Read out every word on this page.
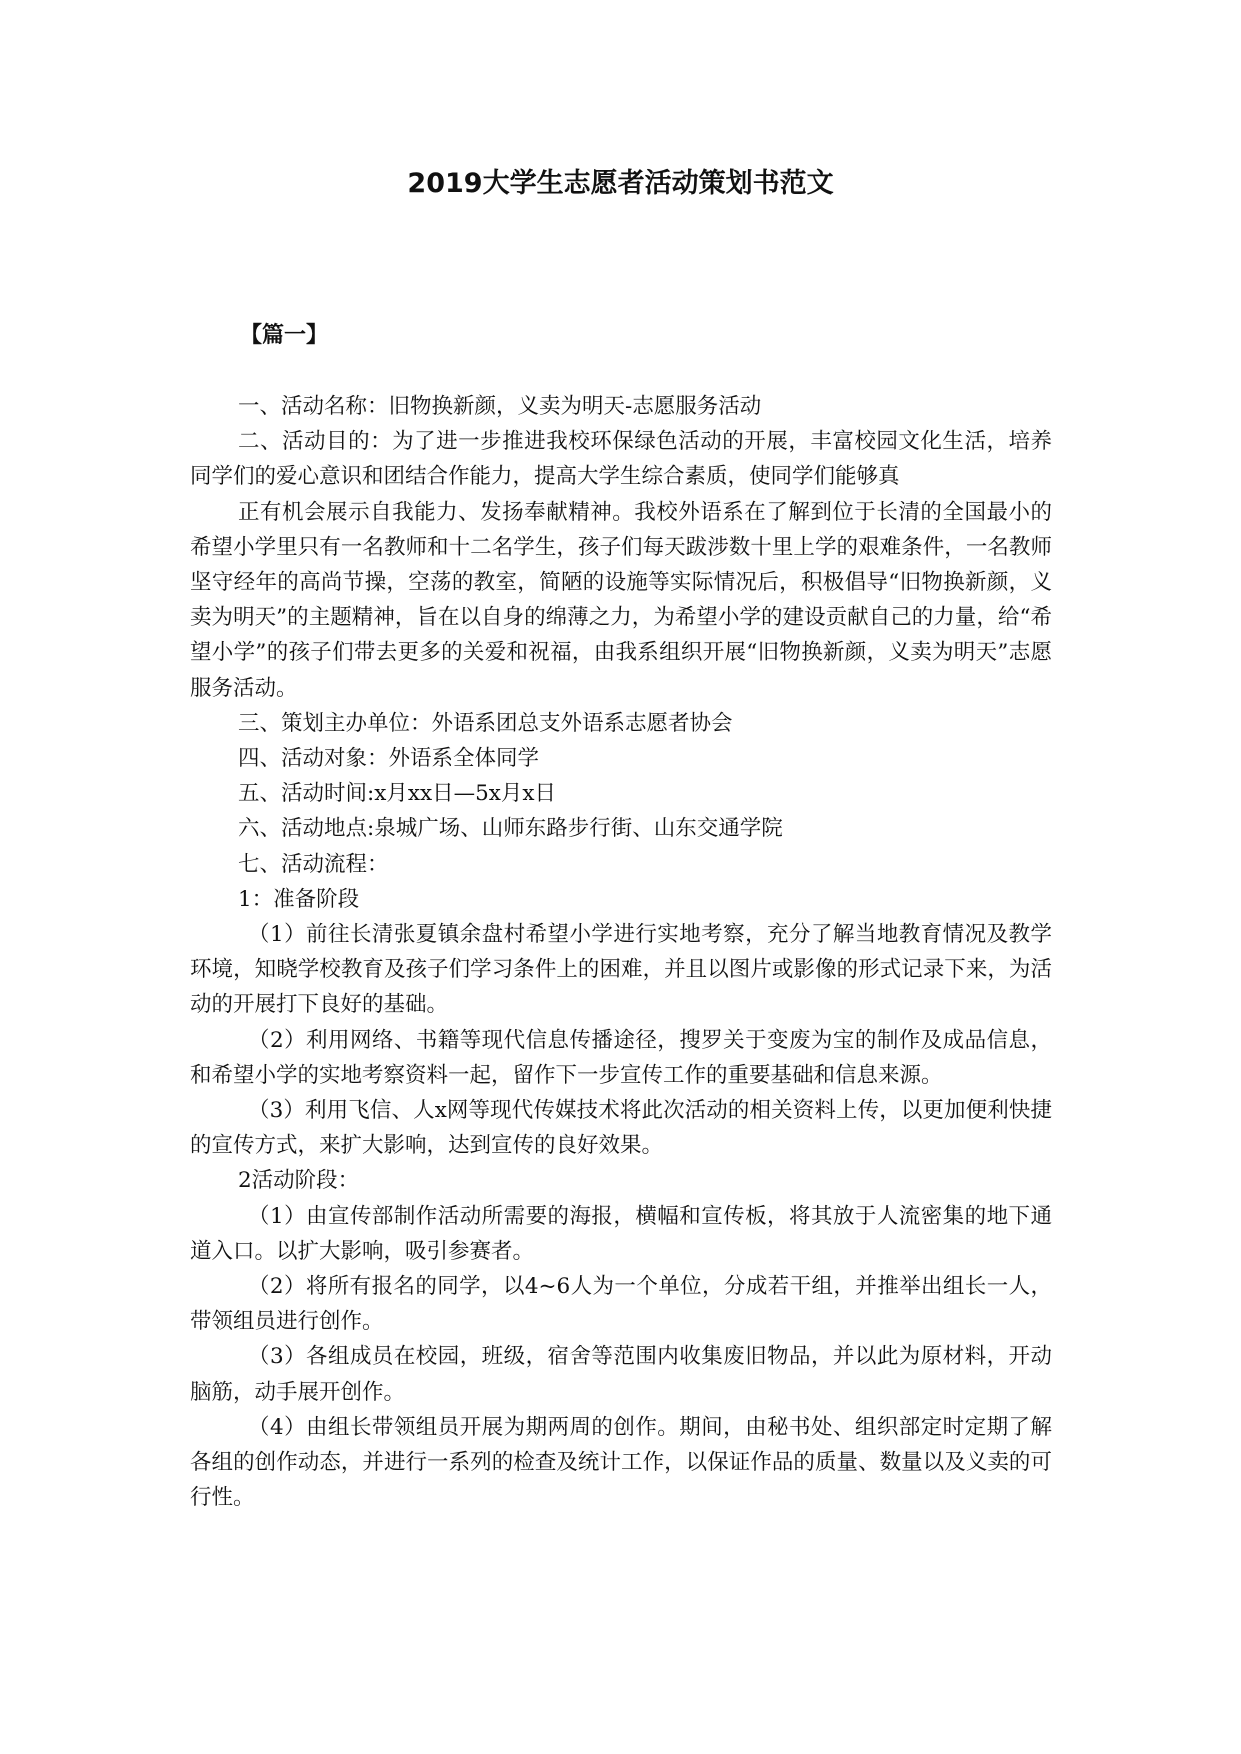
2019大学生志愿者活动策划书范文

【篇一】

一、活动名称：旧物换新颜，义卖为明天-志愿服务活动

二、活动目的：为了进一步推进我校环保绿色活动的开展，丰富校园文化生活，培养同学们的爱心意识和团结合作能力，提高大学生综合素质，使同学们能够真

正有机会展示自我能力、发扬奉献精神。我校外语系在了解到位于长清的全国最小的希望小学里只有一名教师和十二名学生，孩子们每天跋涉数十里上学的艰难条件，一名教师坚守经年的高尚节操，空荡的教室，简陋的设施等实际情况后，积极倡导“旧物换新颜，义卖为明天”的主题精神，旨在以自身的绵薄之力，为希望小学的建设贡献自己的力量，给“希望小学”的孩子们带去更多的关爱和祝福，由我系组织开展“旧物换新颜，义卖为明天”志愿服务活动。

三、策划主办单位：外语系团总支外语系志愿者协会

四、活动对象：外语系全体同学

五、活动时间:x月xx日—5x月x日

六、活动地点:泉城广场、山师东路步行街、山东交通学院

七、活动流程：

1：准备阶段

（1）前往长清张夏镇余盘村希望小学进行实地考察，充分了解当地教育情况及教学环境，知晓学校教育及孩子们学习条件上的困难，并且以图片或影像的形式记录下来，为活动的开展打下良好的基础。

（2）利用网络、书籍等现代信息传播途径，搜罗关于变废为宝的制作及成品信息，和希望小学的实地考察资料一起，留作下一步宣传工作的重要基础和信息来源。

（3）利用飞信、人x网等现代传媒技术将此次活动的相关资料上传，以更加便利快捷的宣传方式，来扩大影响，达到宣传的良好效果。

2活动阶段：

（1）由宣传部制作活动所需要的海报，横幅和宣传板，将其放于人流密集的地下通道入口。以扩大影响，吸引参赛者。

（2）将所有报名的同学，以4~6人为一个单位，分成若干组，并推举出组长一人，带领组员进行创作。

（3）各组成员在校园，班级，宿舍等范围内收集废旧物品，并以此为原材料，开动脑筋，动手展开创作。

（4）由组长带领组员开展为期两周的创作。期间，由秘书处、组织部定时定期了解各组的创作动态，并进行一系列的检查及统计工作，以保证作品的质量、数量以及义卖的可行性。
